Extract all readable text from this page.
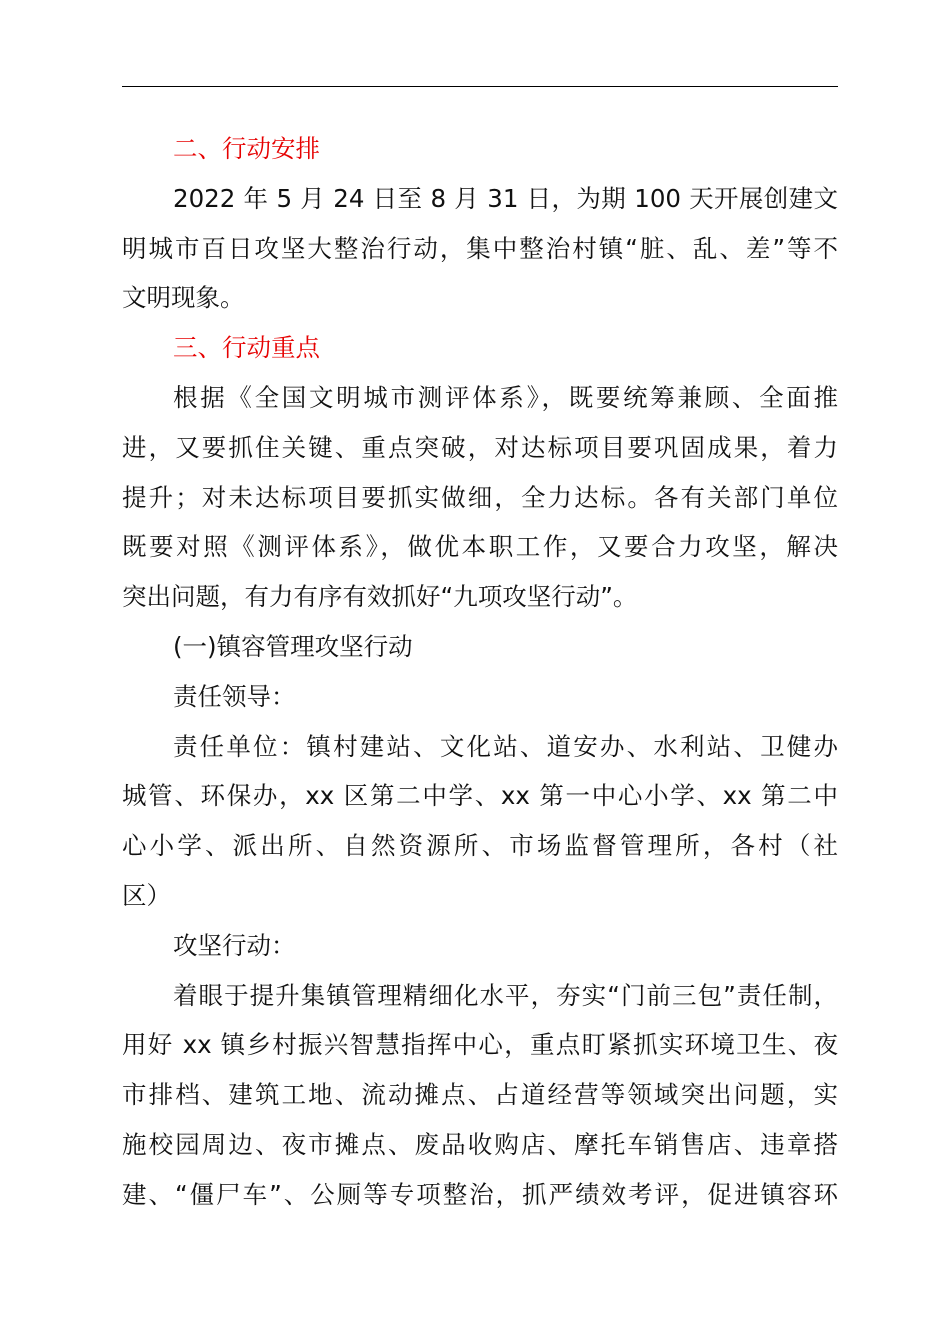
二、行动安排
2022 年 5 月 24 日至 8 月 31 日，为期 100 天开展创建文
明城市百日攻坚大整治行动，集中整治村镇“脏、乱、差”等不
文明现象。
三、行动重点
根据《全国文明城市测评体系》，既要统筹兼顾、全面推
进，又要抓住关键、重点突破，对达标项目要巩固成果，着力
提升；对未达标项目要抓实做细，全力达标。各有关部门单位
既要对照《测评体系》，做优本职工作，又要合力攻坚，解决
突出问题，有力有序有效抓好“九项攻坚行动”。
(一)镇容管理攻坚行动
责任领导：
责任单位：镇村建站、文化站、道安办、水利站、卫健办
城管、环保办，xx 区第二中学、xx 第一中心小学、xx 第二中
心小学、派出所、自然资源所、市场监督管理所，各村（社
区）
攻坚行动：
着眼于提升集镇管理精细化水平，夯实“门前三包”责任制，
用好 xx 镇乡村振兴智慧指挥中心，重点盯紧抓实环境卫生、夜
市排档、建筑工地、流动摊点、占道经营等领域突出问题，实
施校园周边、夜市摊点、废品收购店、摩托车销售店、违章搭
建、“僵尸车”、公厕等专项整治，抓严绩效考评，促进镇容环
